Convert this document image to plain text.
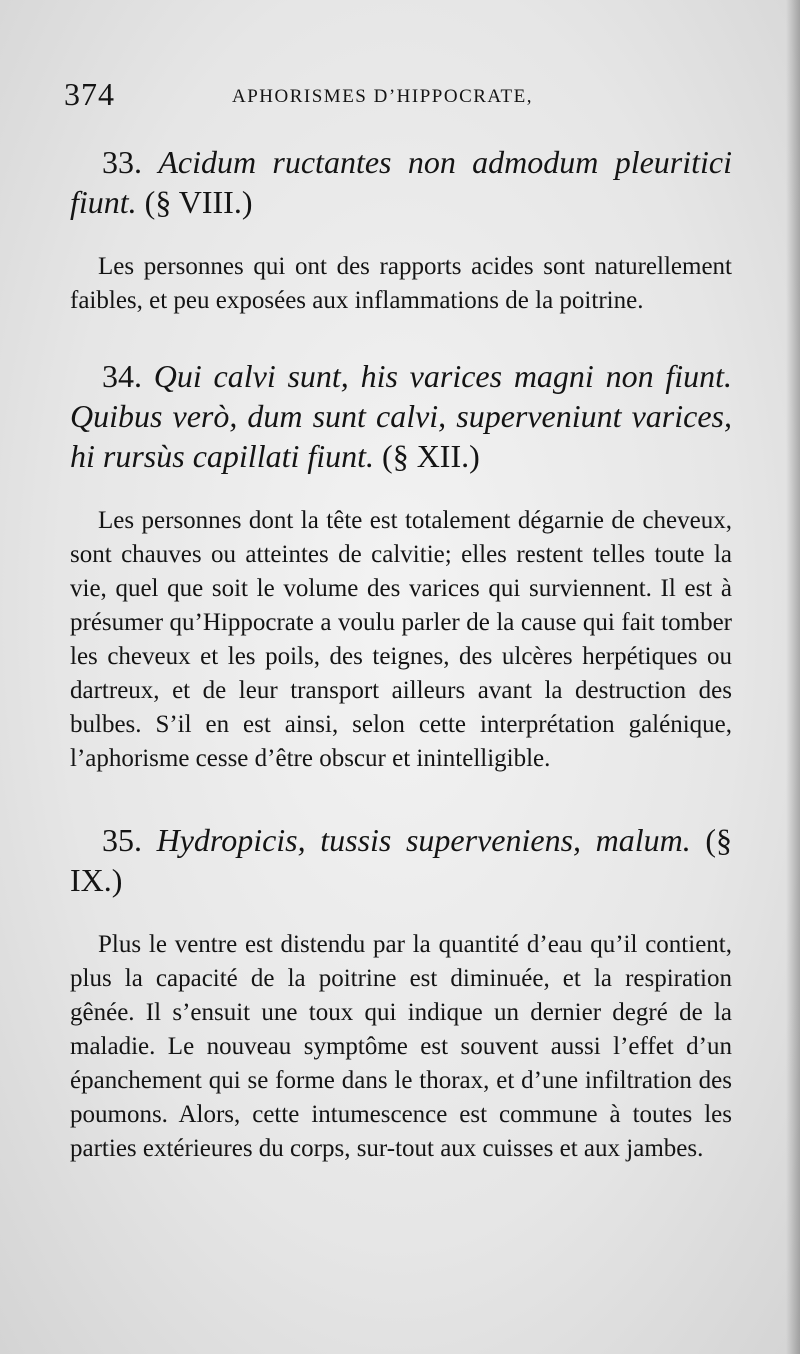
374	APHORISMES D’HIPPOCRATE,

33. Acidum ructantes non admodum pleuritici fiunt. (§ VIII.)

Les personnes qui ont des rapports acides sont naturellement faibles, et peu exposées aux inflammations de la poitrine.

34. Qui calvi sunt, his varices magni non fiunt. Quibus verò, dum sunt calvi, superveniunt varices, hi rursùs capillati fiunt. (§ XII.)

Les personnes dont la tête est totalement dégarnie de cheveux, sont chauves ou atteintes de calvitie; elles restent telles toute la vie, quel que soit le volume des varices qui surviennent. Il est à présumer qu’Hippocrate a voulu parler de la cause qui fait tomber les cheveux et les poils, des teignes, des ulcères herpétiques ou dartreux, et de leur transport ailleurs avant la destruction des bulbes. S’il en est ainsi, selon cette interprétation galénique, l’aphorisme cesse d’être obscur et inintelligible.

35. Hydropicis, tussis superveniens, malum. (§ IX.)

Plus le ventre est distendu par la quantité d’eau qu’il contient, plus la capacité de la poitrine est diminuée, et la respiration gênée. Il s’ensuit une toux qui indique un dernier degré de la maladie. Le nouveau symptôme est souvent aussi l’effet d’un épanchement qui se forme dans le thorax, et d’une infiltration des poumons. Alors, cette intumescence est commune à toutes les parties extérieures du corps, sur-tout aux cuisses et aux jambes.
